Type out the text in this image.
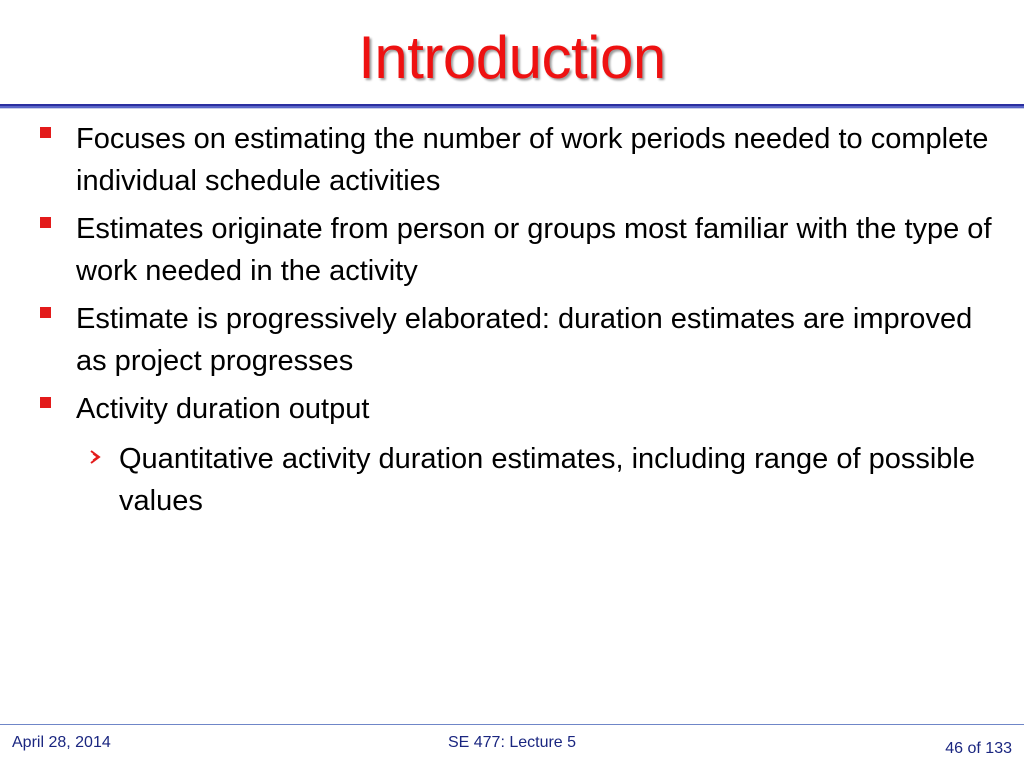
Introduction
Focuses on estimating the number of work periods needed to complete individual schedule activities
Estimates originate from person or groups most familiar with the type of work needed in the activity
Estimate is progressively elaborated: duration estimates are improved as project progresses
Activity duration output
Quantitative activity duration estimates, including range of possible values
April 28, 2014	SE 477: Lecture 5	46 of 133
